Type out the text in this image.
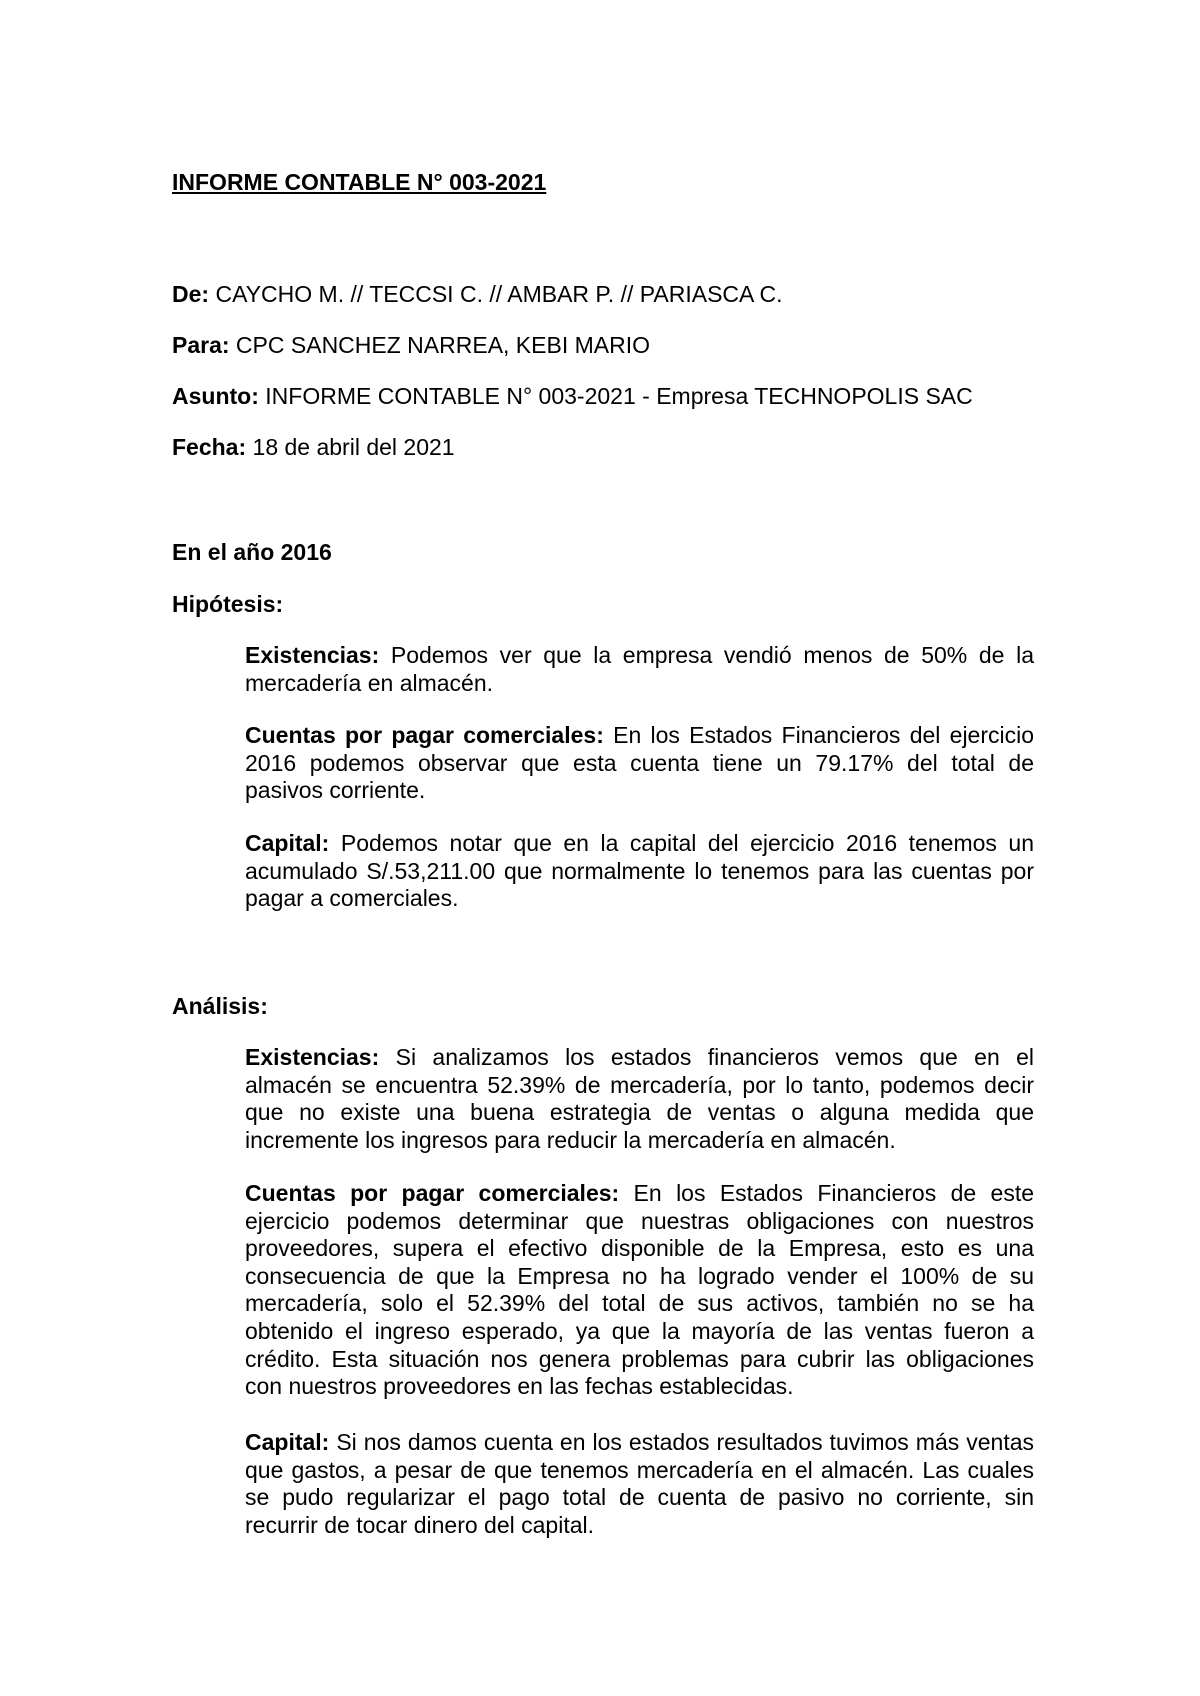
INFORME CONTABLE N° 003-2021

De: CAYCHO M. // TECCSI C. // AMBAR P. // PARIASCA C.

Para: CPC SANCHEZ NARREA, KEBI MARIO

Asunto: INFORME CONTABLE N° 003-2021 - Empresa TECHNOPOLIS SAC

Fecha: 18 de abril del 2021

En el año 2016
Hipótesis:

Existencias: Podemos ver que la empresa vendió menos de 50% de la mercadería en almacén.

Cuentas por pagar comerciales: En los Estados Financieros del ejercicio 2016 podemos observar que esta cuenta tiene un 79.17% del total de pasivos corriente.

Capital: Podemos notar que en la capital del ejercicio 2016 tenemos un acumulado S/.53,211.00 que normalmente lo tenemos para las cuentas por pagar a comerciales.

Análisis:

Existencias: Si analizamos los estados financieros vemos que en el almacén se encuentra 52.39% de mercadería, por lo tanto, podemos decir que no existe una buena estrategia de ventas o alguna medida que incremente los ingresos para reducir la mercadería en almacén.

Cuentas por pagar comerciales: En los Estados Financieros de este ejercicio podemos determinar que nuestras obligaciones con nuestros proveedores, supera el efectivo disponible de la Empresa, esto es una consecuencia de que la Empresa no ha logrado vender el 100% de su mercadería, solo el 52.39% del total de sus activos, también no se ha obtenido el ingreso esperado, ya que la mayoría de las ventas fueron a crédito. Esta situación nos genera problemas para cubrir las obligaciones con nuestros proveedores en las fechas establecidas.

Capital: Si nos damos cuenta en los estados resultados tuvimos más ventas que gastos, a pesar de que tenemos mercadería en el almacén. Las cuales se pudo regularizar el pago total de cuenta de pasivo no corriente, sin recurrir de tocar dinero del capital.
